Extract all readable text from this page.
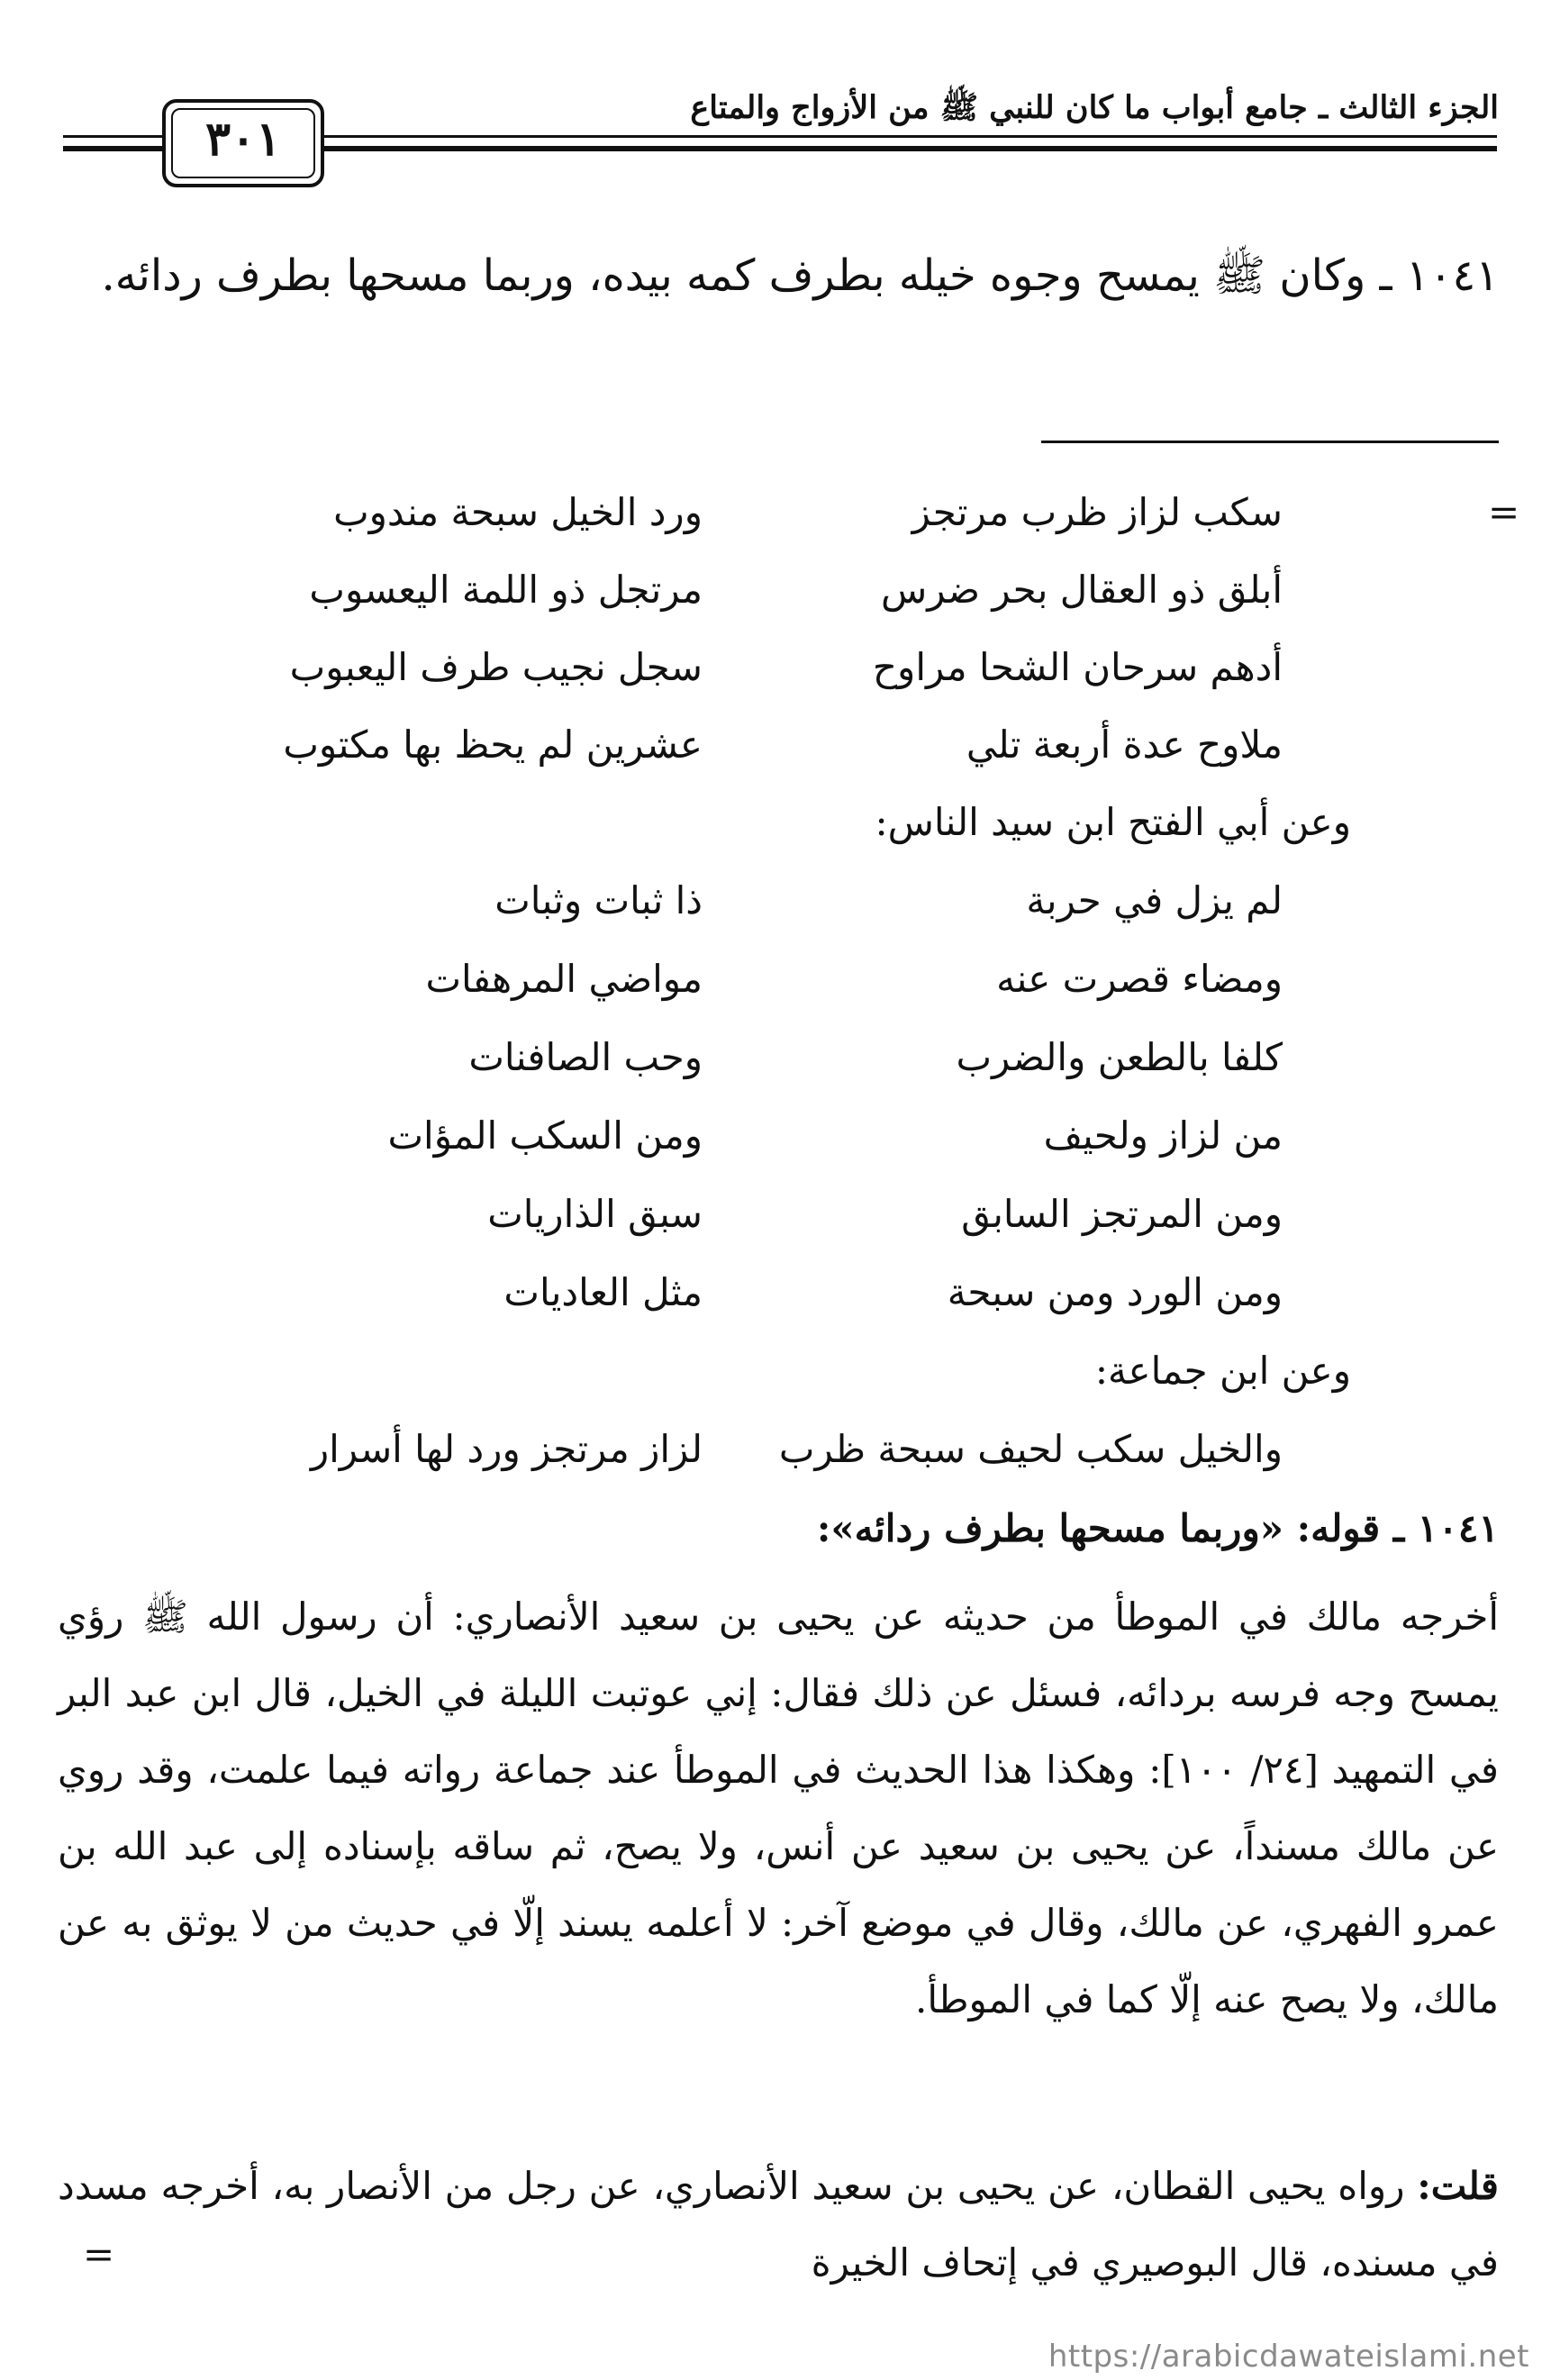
الجزء الثالث ـ جامع أبواب ما كان للنبي ﷺ من الأزواج والمتاع
٣٠١
١٠٤١ ـ وكان ﷺ يمسح وجوه خيله بطرف كمه بيده، وربما مسحها بطرف ردائه.
=
سكب لزاز ظرب مرتجز
ورد الخيل سبحة مندوب
أبلق ذو العقال بحر ضرس
مرتجل ذو اللمة اليعسوب
أدهم سرحان الشحا مراوح
سجل نجيب طرف اليعبوب
ملاوح عدة أربعة تلي
عشرين لم يحظ بها مكتوب
وعن أبي الفتح ابن سيد الناس:
لم يزل في حربة
ذا ثبات وثبات
ومضاء قصرت عنه
مواضي المرهفات
كلفا بالطعن والضرب
وحب الصافنات
من لزاز ولحيف
ومن السكب المؤات
ومن المرتجز السابق
سبق الذاريات
ومن الورد ومن سبحة
مثل العاديات
وعن ابن جماعة:
والخيل سكب لحيف سبحة ظرب
لزاز مرتجز ورد لها أسرار
١٠٤١ ـ قوله: «وربما مسحها بطرف ردائه»:
أخرجه مالك في الموطأ من حديثه عن يحيى بن سعيد الأنصاري: أن رسول الله ﷺ رؤي يمسح وجه فرسه بردائه، فسئل عن ذلك فقال: إني عوتبت الليلة في الخيل، قال ابن عبد البر في التمهيد [٢٤/ ١٠٠]: وهكذا هذا الحديث في الموطأ عند جماعة رواته فيما علمت، وقد روي عن مالك مسنداً، عن يحيى بن سعيد عن أنس، ولا يصح، ثم ساقه بإسناده إلى عبد الله بن عمرو الفهري، عن مالك، وقال في موضع آخر: لا أعلمه يسند إلّا في حديث من لا يوثق به عن مالك، ولا يصح عنه إلّا كما في الموطأ.
قلت: رواه يحيى القطان، عن يحيى بن سعيد الأنصاري، عن رجل من الأنصار به، أخرجه مسدد في مسنده، قال البوصيري في إتحاف الخيرة
=
https://arabicdawateislami.net
